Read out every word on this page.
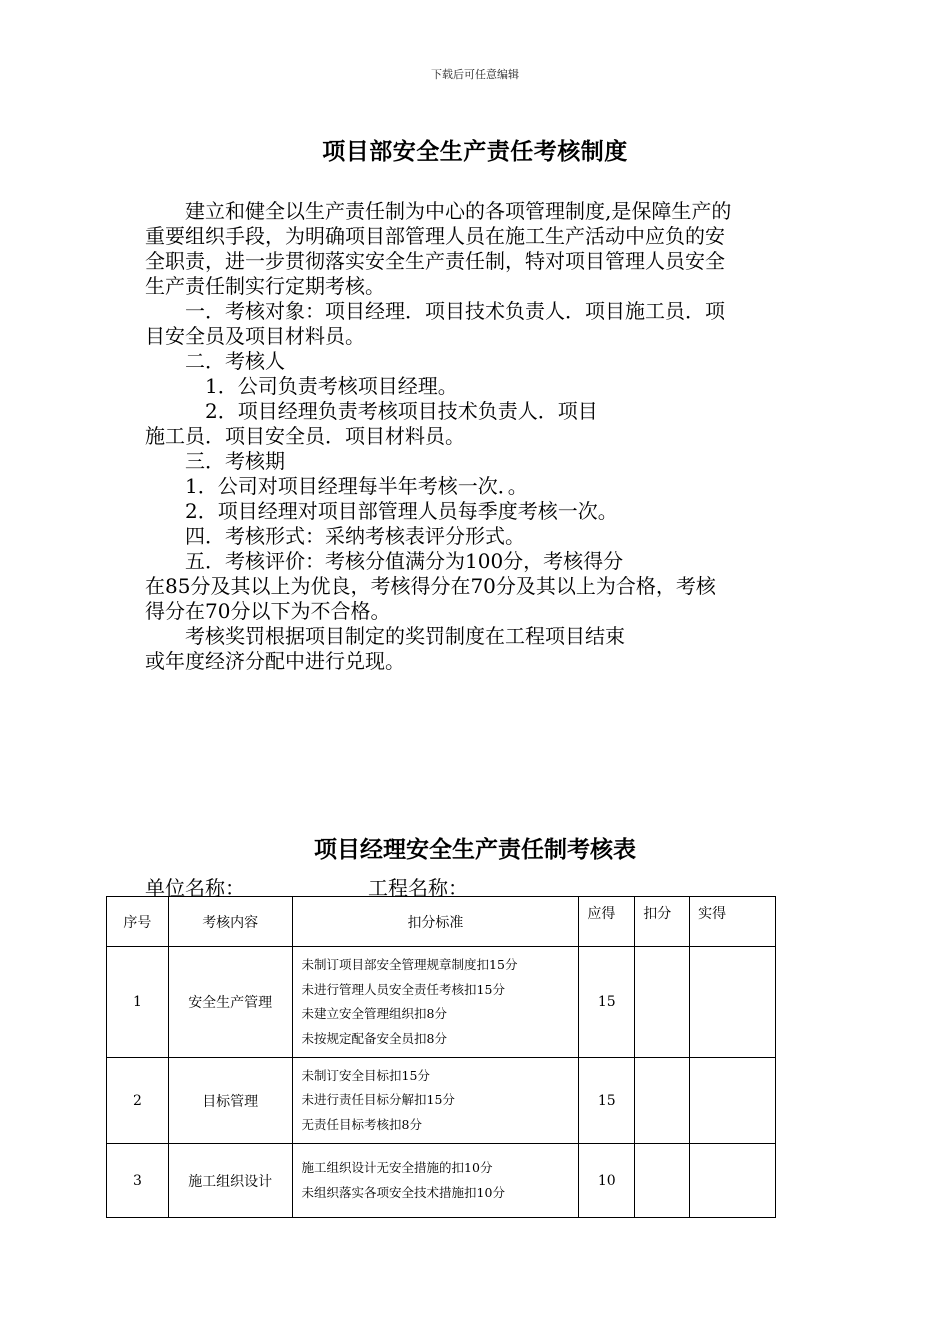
下载后可任意编辑
项目部安全生产责任考核制度
　　建立和健全以生产责任制为中心的各项管理制度,是保障生产的
重要组织手段，为明确项目部管理人员在施工生产活动中应负的安
全职责，进一步贯彻落实安全生产责任制，特对项目管理人员安全
生产责任制实行定期考核。
　　一．考核对象：项目经理．项目技术负责人．项目施工员．项
目安全员及项目材料员。
　　二．考核人
　　　1．公司负责考核项目经理。
　　　2．项目经理负责考核项目技术负责人．项目
施工员．项目安全员．项目材料员。
　　三．考核期
　　1．公司对项目经理每半年考核一次．。
　　2．项目经理对项目部管理人员每季度考核一次。
　　四．考核形式：采纳考核表评分形式。
　　五．考核评价：考核分值满分为100分，考核得分
在85分及其以上为优良，考核得分在70分及其以上为合格，考核
得分在70分以下为不合格。
　　考核奖罚根据项目制定的奖罚制度在工程项目结束
或年度经济分配中进行兑现。
项目经理安全生产责任制考核表
单位名称：	工程名称：
序号	考核内容	扣分标准	应得	扣分	实得
1	安全生产管理	未制订项目部安全管理规章制度扣15分
未进行管理人员安全责任考核扣15分
未建立安全管理组织扣8分
未按规定配备安全员扣8分	15		
2	目标管理	未制订安全目标扣15分
未进行责任目标分解扣15分
无责任目标考核扣8分	15		
3	施工组织设计	施工组织设计无安全措施的扣10分
未组织落实各项安全技术措施扣10分	10		
